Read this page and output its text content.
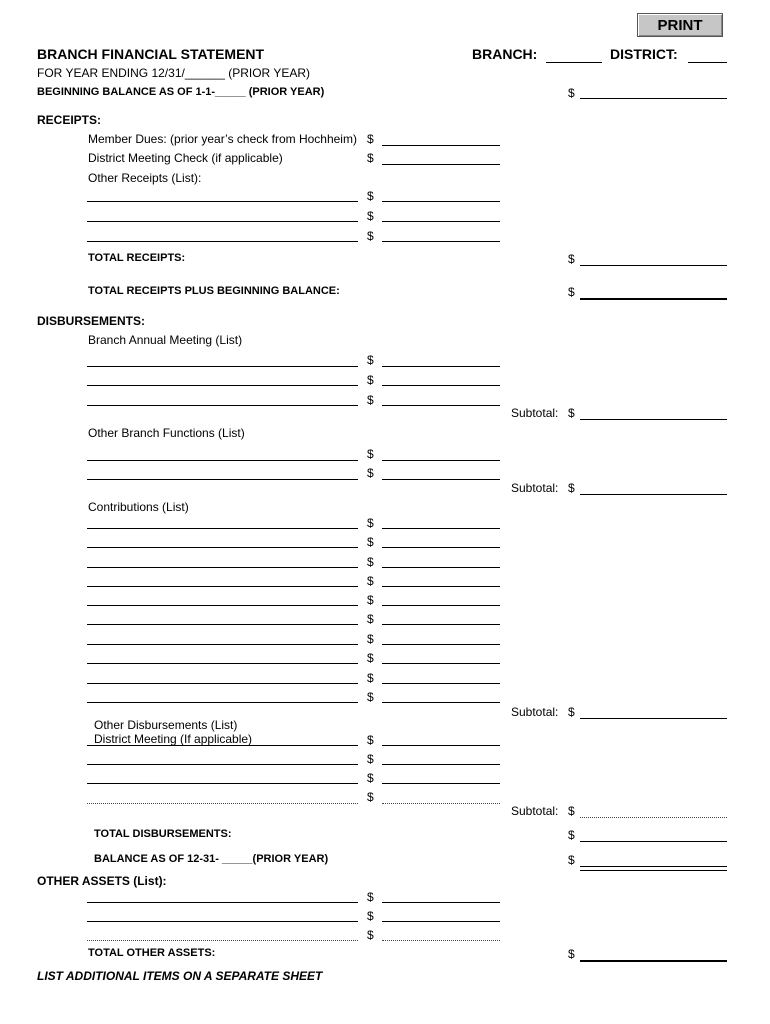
PRINT
BRANCH FINANCIAL STATEMENT	BRANCH:	DISTRICT:
FOR YEAR ENDING 12/31/______ (PRIOR YEAR)
BEGINNING BALANCE AS OF 1-1-_____ (PRIOR YEAR)	$
RECEIPTS:
Member Dues: (prior year’s check from Hochheim) $
District Meeting Check (if applicable)	$
Other Receipts (List):
$
$
$
TOTAL RECEIPTS:	$
TOTAL RECEIPTS PLUS BEGINNING BALANCE:	$
DISBURSEMENTS:
Branch Annual Meeting (List)
$
$
$
Subtotal: $
Other Branch Functions (List)
$
$
Subtotal: $
Contributions (List)
$
$
$
$
$
$
$
$
$
$
Subtotal: $
Other Disbursements (List)
District Meeting (If applicable)	$
$
$
$
Subtotal: $
TOTAL DISBURSEMENTS:	$
BALANCE AS OF 12-31- _____(PRIOR YEAR)	$
OTHER ASSETS (List):
$
$
$
TOTAL OTHER ASSETS:	$
LIST ADDITIONAL ITEMS ON A SEPARATE SHEET
